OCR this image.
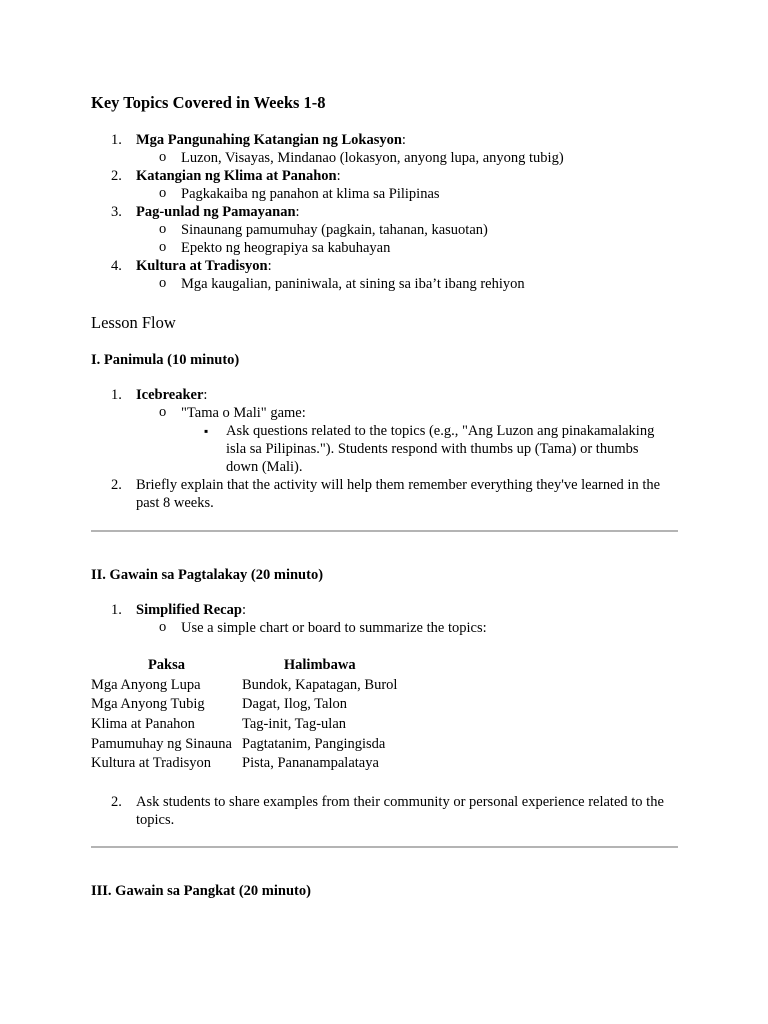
Key Topics Covered in Weeks 1-8
1. Mga Pangunahing Katangian ng Lokasyon:
o Luzon, Visayas, Mindanao (lokasyon, anyong lupa, anyong tubig)
2. Katangian ng Klima at Panahon:
o Pagkakaiba ng panahon at klima sa Pilipinas
3. Pag-unlad ng Pamayanan:
o Sinaunang pamumuhay (pagkain, tahanan, kasuotan)
o Epekto ng heograpiya sa kabuhayan
4. Kultura at Tradisyon:
o Mga kaugalian, paniniwala, at sining sa iba’t ibang rehiyon
Lesson Flow

I. Panimula (10 minuto)

1. Icebreaker:
o "Tama o Mali" game:
▪ Ask questions related to the topics (e.g., "Ang Luzon ang pinakamalaking isla sa Pilipinas."). Students respond with thumbs up (Tama) or thumbs down (Mali).
2. Briefly explain that the activity will help them remember everything they've learned in the past 8 weeks.

II. Gawain sa Pagtalakay (20 minuto)

1. Simplified Recap:
o Use a simple chart or board to summarize the topics:
Paksa	Halimbawa
Mga Anyong Lupa	Bundok, Kapatagan, Burol
Mga Anyong Tubig	Dagat, Ilog, Talon
Klima at Panahon	Tag-init, Tag-ulan
Pamumuhay ng Sinauna	Pagtatanim, Pangingisda
Kultura at Tradisyon	Pista, Pananampalataya
2. Ask students to share examples from their community or personal experience related to the topics.

III. Gawain sa Pangkat (20 minuto)
